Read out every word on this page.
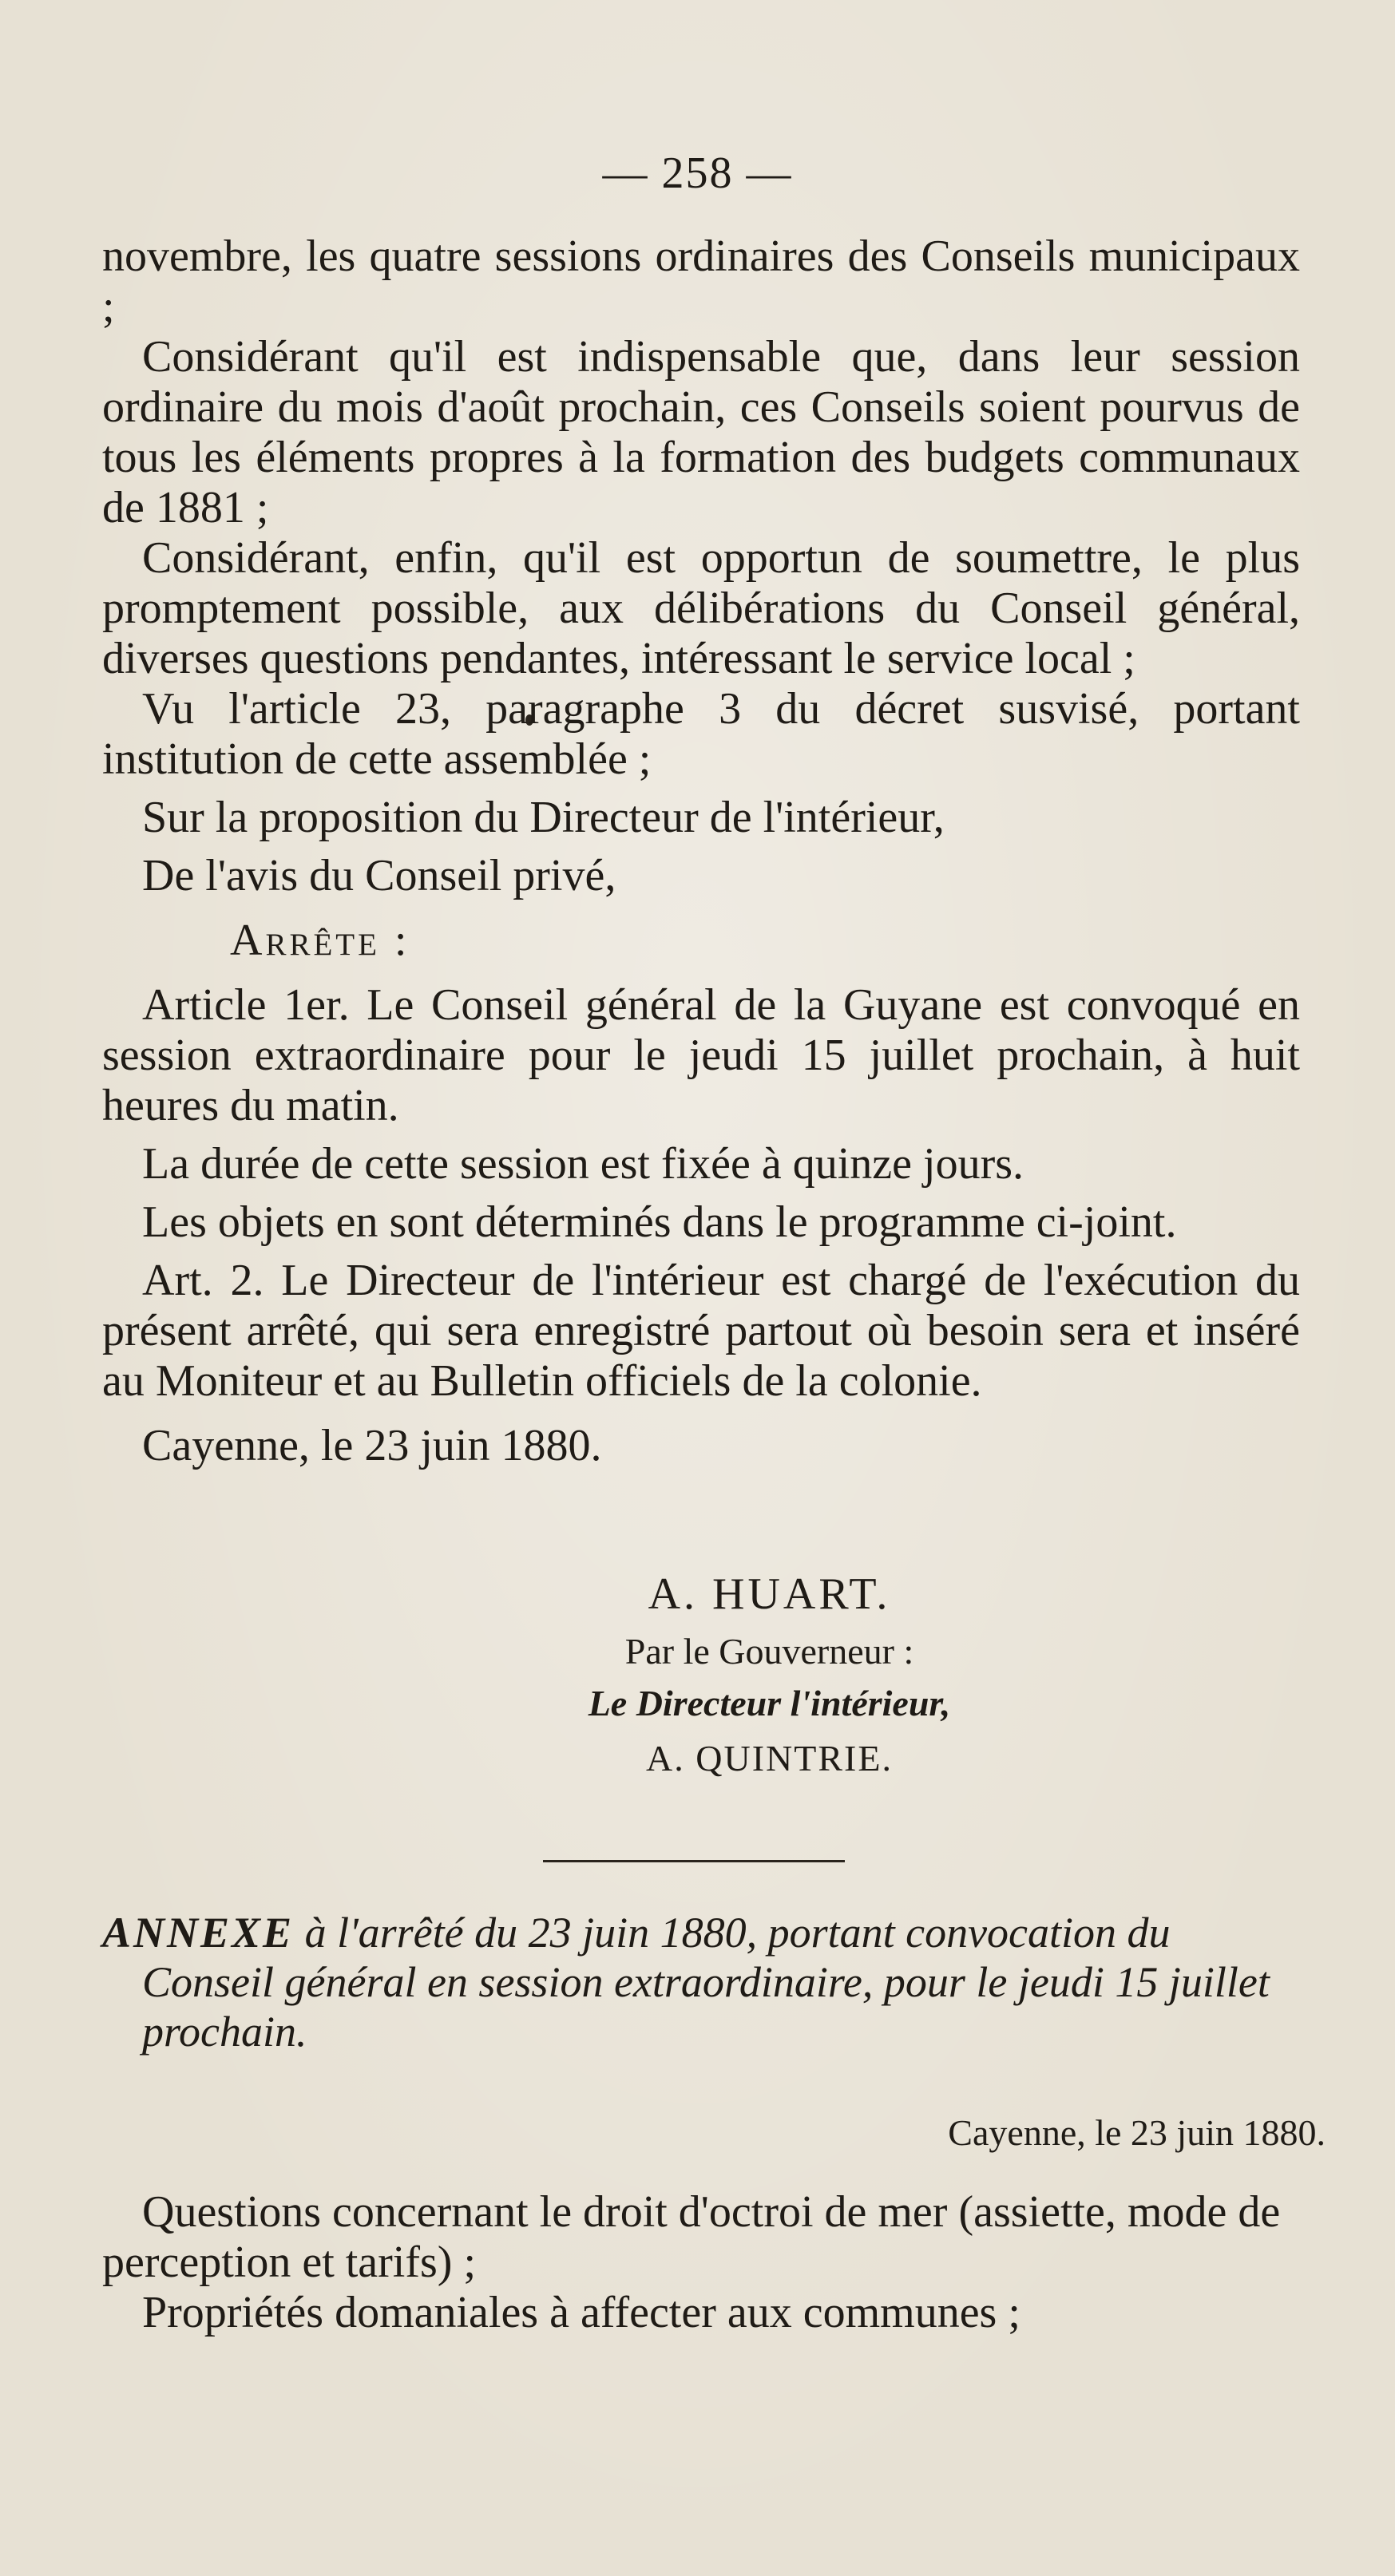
— 258 —

novembre, les quatre sessions ordinaires des Conseils municipaux ;

Considérant qu'il est indispensable que, dans leur session ordinaire du mois d'août prochain, ces Conseils soient pourvus de tous les éléments propres à la formation des budgets communaux de 1881 ;

Considérant, enfin, qu'il est opportun de soumettre, le plus promptement possible, aux délibérations du Conseil général, diverses questions pendantes, intéressant le service local ;

Vu l'article 23, paragraphe 3 du décret susvisé, portant institution de cette assemblée ;

Sur la proposition du Directeur de l'intérieur,

De l'avis du Conseil privé,

Arrête :

Article 1er. Le Conseil général de la Guyane est convoqué en session extraordinaire pour le jeudi 15 juillet prochain, à huit heures du matin.

La durée de cette session est fixée à quinze jours.

Les objets en sont déterminés dans le programme ci-joint.

Art. 2. Le Directeur de l'intérieur est chargé de l'exécution du présent arrêté, qui sera enregistré partout où besoin sera et inséré au Moniteur et au Bulletin officiels de la colonie.

Cayenne, le 23 juin 1880.

A. HUART.
Par le Gouverneur :
Le Directeur l'intérieur,
A. QUINTRIE.
ANNEXE à l'arrêté du 23 juin 1880, portant convocation du
Conseil général en session extraordinaire, pour le jeudi 15 juillet
prochain.
Cayenne, le 23 juin 1880.

Questions concernant le droit d'octroi de mer (assiette, mode de perception et tarifs) ;

Propriétés domaniales à affecter aux communes ;
